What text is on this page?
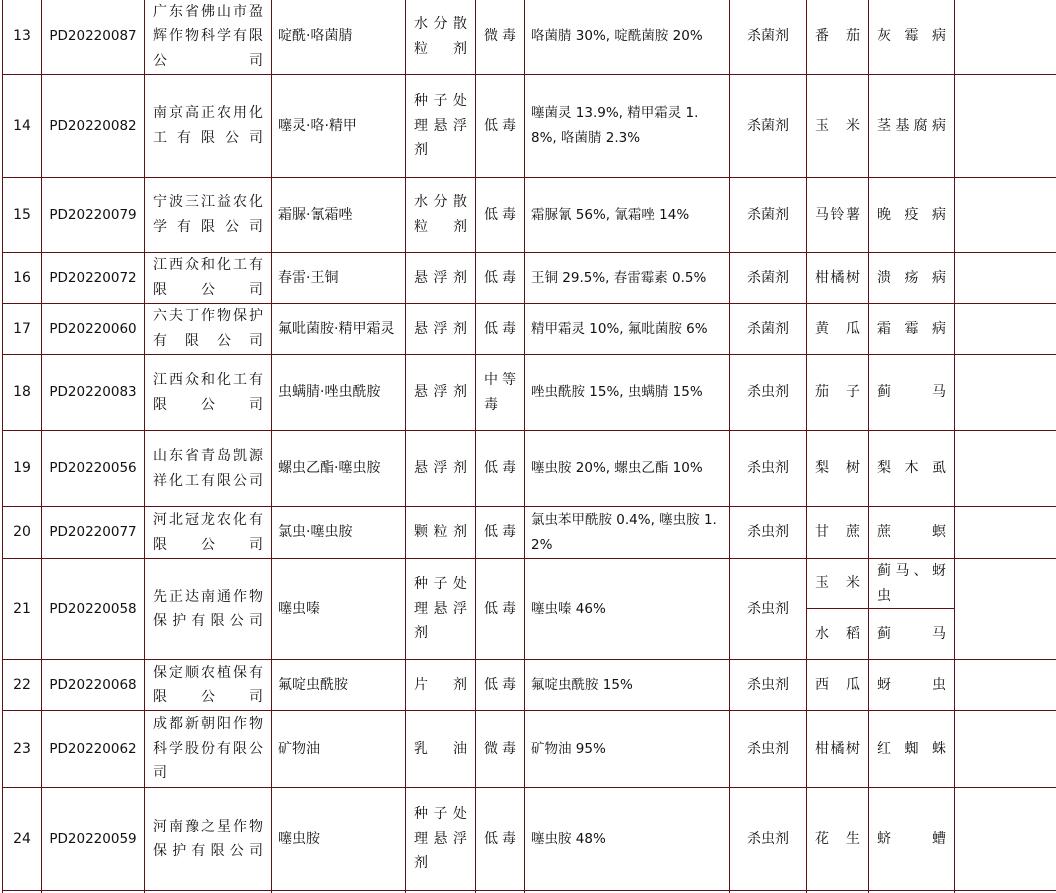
13	PD20220087	广东省佛山市盈辉作物科学有限公司	啶酰·咯菌腈	水分散粒剂	微毒	咯菌腈 30%, 啶酰菌胺 20%	杀菌剂	番茄	灰霉病	
14	PD20220082	南京高正农用化工有限公司	噻灵·咯·精甲	种子处理悬浮剂	低毒	噻菌灵 13.9%, 精甲霜灵 1.8%, 咯菌腈 2.3%	杀菌剂	玉米	茎基腐病	
15	PD20220079	宁波三江益农化学有限公司	霜脲·氰霜唑	水分散粒剂	低毒	霜脲氰 56%, 氰霜唑 14%	杀菌剂	马铃薯	晚疫病	
16	PD20220072	江西众和化工有限公司	春雷·王铜	悬浮剂	低毒	王铜 29.5%, 春雷霉素 0.5%	杀菌剂	柑橘树	溃疡病	
17	PD20220060	六夫丁作物保护有限公司	氟吡菌胺·精甲霜灵	悬浮剂	低毒	精甲霜灵 10%, 氟吡菌胺 6%	杀菌剂	黄瓜	霜霉病	
18	PD20220083	江西众和化工有限公司	虫螨腈·唑虫酰胺	悬浮剂	中等毒	唑虫酰胺 15%, 虫螨腈 15%	杀虫剂	茄子	蓟马	
19	PD20220056	山东省青岛凯源祥化工有限公司	螺虫乙酯·噻虫胺	悬浮剂	低毒	噻虫胺 20%, 螺虫乙酯 10%	杀虫剂	梨树	梨木虱	
20	PD20220077	河北冠龙农化有限公司	氯虫·噻虫胺	颗粒剂	低毒	氯虫苯甲酰胺 0.4%, 噻虫胺 1.2%	杀虫剂	甘蔗	蔗螟	
21	PD20220058	先正达南通作物保护有限公司	噻虫嗪	种子处理悬浮剂	低毒	噻虫嗪 46%	杀虫剂	玉米	蓟马、蚜虫	
								水稻	蓟马	
22	PD20220068	保定顺农植保有限公司	氟啶虫酰胺	片剂	低毒	氟啶虫酰胺 15%	杀虫剂	西瓜	蚜虫	
23	PD20220062	成都新朝阳作物科学股份有限公司	矿物油	乳油	微毒	矿物油 95%	杀虫剂	柑橘树	红蜘蛛	
24	PD20220059	河南豫之星作物保护有限公司	噻虫胺	种子处理悬浮剂	低毒	噻虫胺 48%	杀虫剂	花生	蛴螬	
